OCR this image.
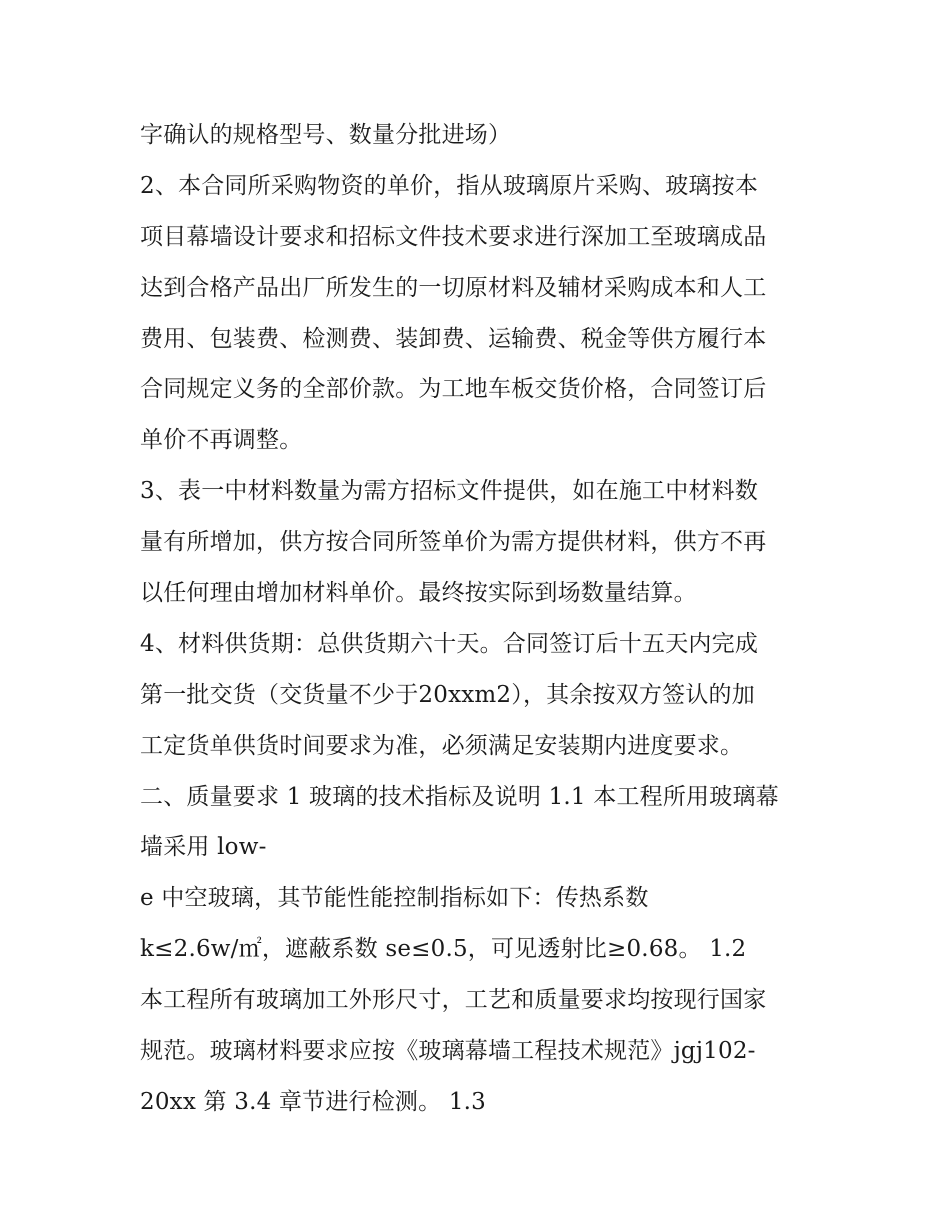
字确认的规格型号、数量分批进场）
2、本合同所采购物资的单价，指从玻璃原片采购、玻璃按本
项目幕墙设计要求和招标文件技术要求进行深加工至玻璃成品
达到合格产品出厂所发生的一切原材料及辅材采购成本和人工
费用、包装费、检测费、装卸费、运输费、税金等供方履行本
合同规定义务的全部价款。为工地车板交货价格，合同签订后
单价不再调整。
3、表一中材料数量为需方招标文件提供，如在施工中材料数
量有所增加，供方按合同所签单价为需方提供材料，供方不再
以任何理由增加材料单价。最终按实际到场数量结算。
4、材料供货期：总供货期六十天。合同签订后十五天内完成
第一批交货（交货量不少于20xxm2），其余按双方签认的加
工定货单供货时间要求为准，必须满足安装期内进度要求。
二、质量要求 1 玻璃的技术指标及说明 1.1 本工程所用玻璃幕
墙采用 low-
e 中空玻璃，其节能性能控制指标如下：传热系数
k≤2.6w/㎡，遮蔽系数 se≤0.5，可见透射比≥0.68。 1.2
本工程所有玻璃加工外形尺寸，工艺和质量要求均按现行国家
规范。玻璃材料要求应按《玻璃幕墙工程技术规范》jgj102-
20xx 第 3.4 章节进行检测。 1.3
